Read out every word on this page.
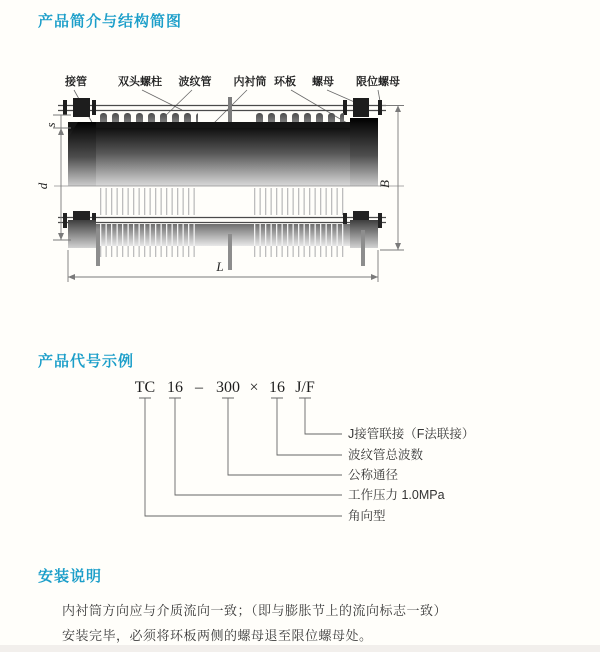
产品简介与结构简图
接管	双头螺柱 波纹管 内衬筒 环板 螺母 限位螺母
s
d	B
L
产品代号示例
TC 16 – 300 × 16 J/F
J接管联接（F法联接）
波纹管总波数
公称通径
工作压力 1.0MPa
角向型
安装说明
内衬筒方向应与介质流向一致；（即与膨胀节上的流向标志一致）
安装完毕，必须将环板两侧的螺母退至限位螺母处。
